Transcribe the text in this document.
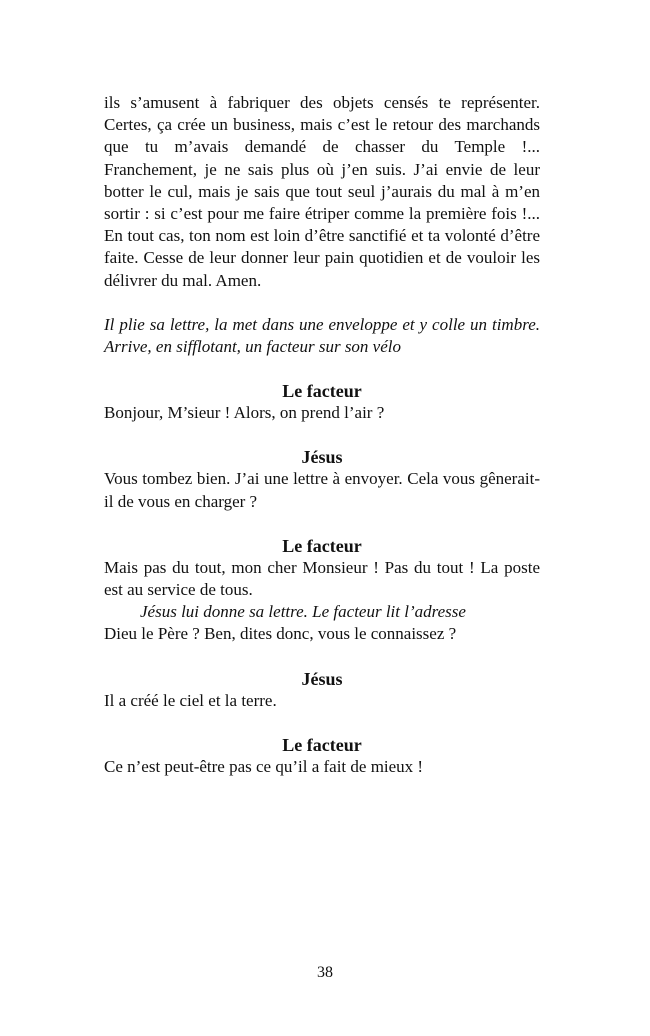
ils s’amusent à fabriquer des objets censés te représenter. Certes, ça crée un business, mais c’est le retour des marchands que tu m’avais demandé de chasser du Temple !... Franchement, je ne sais plus où j’en suis. J’ai envie de leur botter le cul, mais je sais que tout seul j’aurais du mal à m’en sortir : si c’est pour me faire étriper comme la première fois !... En tout cas, ton nom est loin d’être sanctifié et ta volonté d’être faite. Cesse de leur donner leur pain quotidien et de vouloir les délivrer du mal. Amen.

Il plie sa lettre, la met dans une enveloppe et y colle un timbre. Arrive, en sifflotant, un facteur sur son vélo

Le facteur

Bonjour, M’sieur ! Alors, on prend l’air ?

Jésus

Vous tombez bien. J’ai une lettre à envoyer. Cela vous gênerait-il de vous en charger ?

Le facteur

Mais pas du tout, mon cher Monsieur ! Pas du tout ! La poste est au service de tous.

Jésus lui donne sa lettre. Le facteur lit l’adresse

Dieu le Père ? Ben, dites donc, vous le connaissez ?

Jésus

Il a créé le ciel et la terre.

Le facteur

Ce n’est peut-être pas ce qu’il a fait de mieux !

38
